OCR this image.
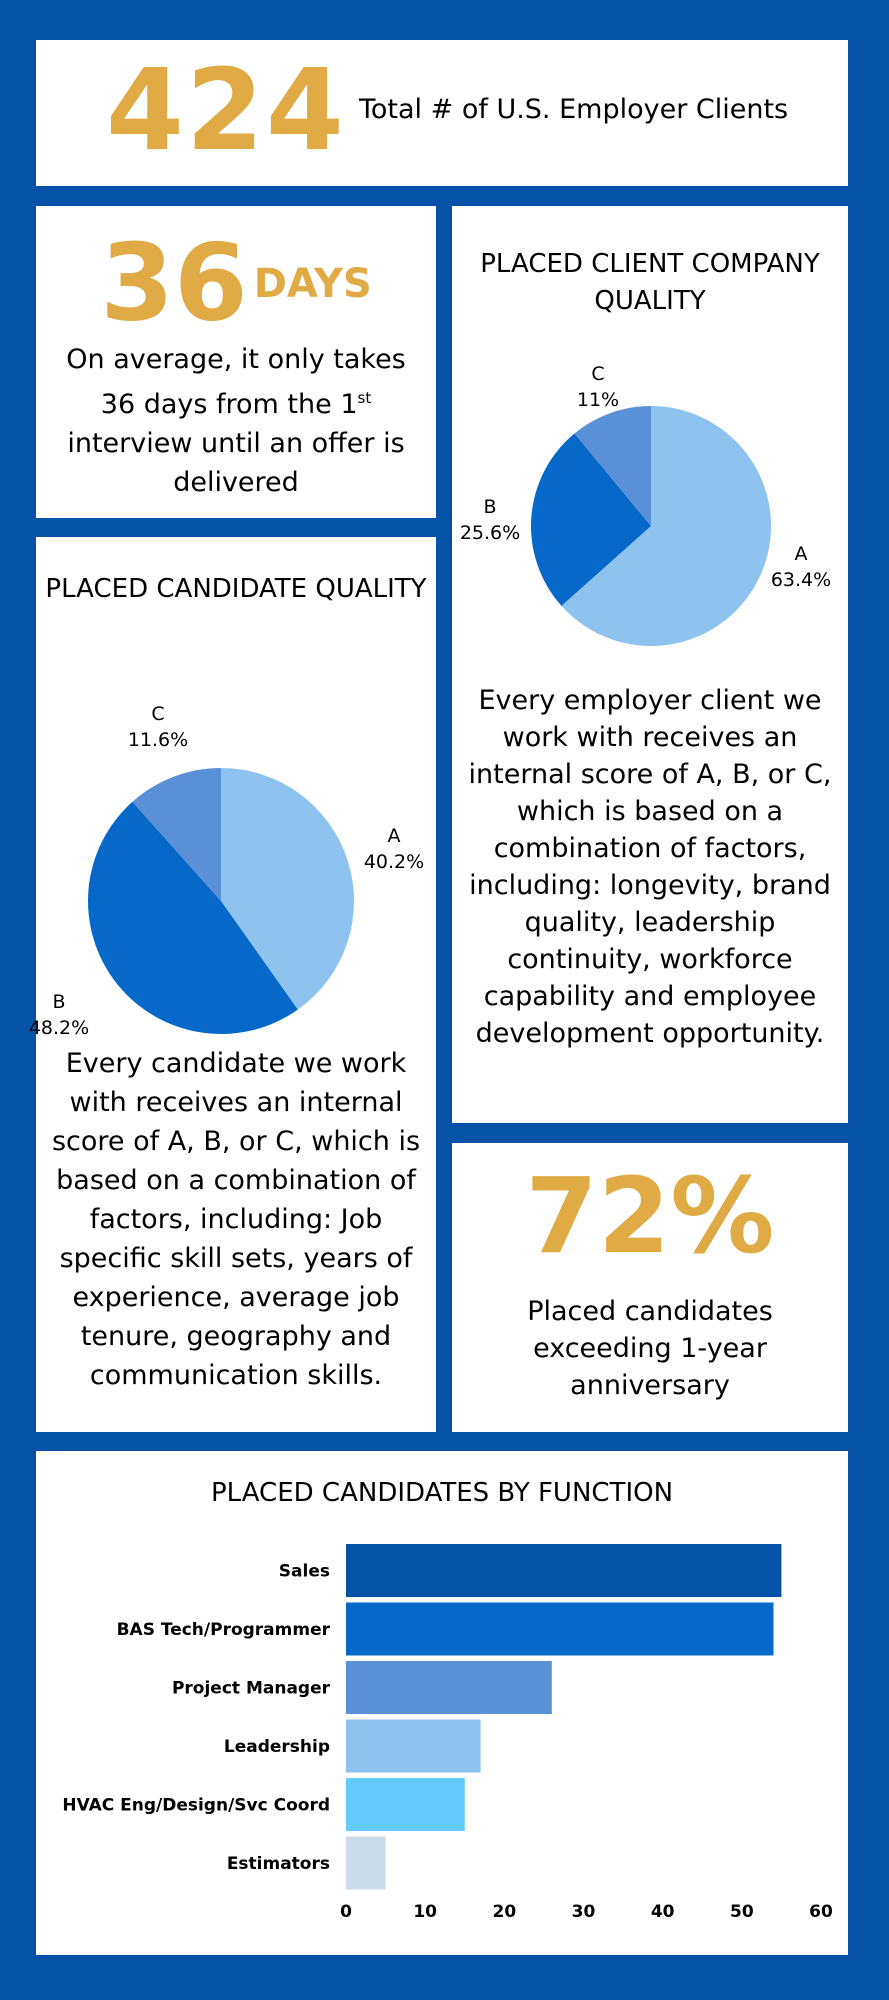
424 Total # of U.S. Employer Clients
36 DAYS
On average, it only takes 36 days from the 1st interview until an offer is delivered
PLACED CANDIDATE QUALITY
A
40.2%
B
48.2%
C
11.6%
Every candidate we work with receives an internal score of A, B, or C, which is based on a combination of factors, including: Job specific skill sets, years of experience, average job tenure, geography and communication skills.
PLACED CLIENT COMPANY QUALITY
A
63.4%
B
25.6%
C
11%
Every employer client we work with receives an internal score of A, B, or C, which is based on a combination of factors, including: longevity, brand quality, leadership continuity, workforce capability and employee development opportunity.
72%
Placed candidates exceeding 1-year anniversary
PLACED CANDIDATES BY FUNCTION
Sales
BAS Tech/Programmer
Project Manager
Leadership
HVAC Eng/Design/Svc Coord
Estimators
0	10	20	30	40	50	60
